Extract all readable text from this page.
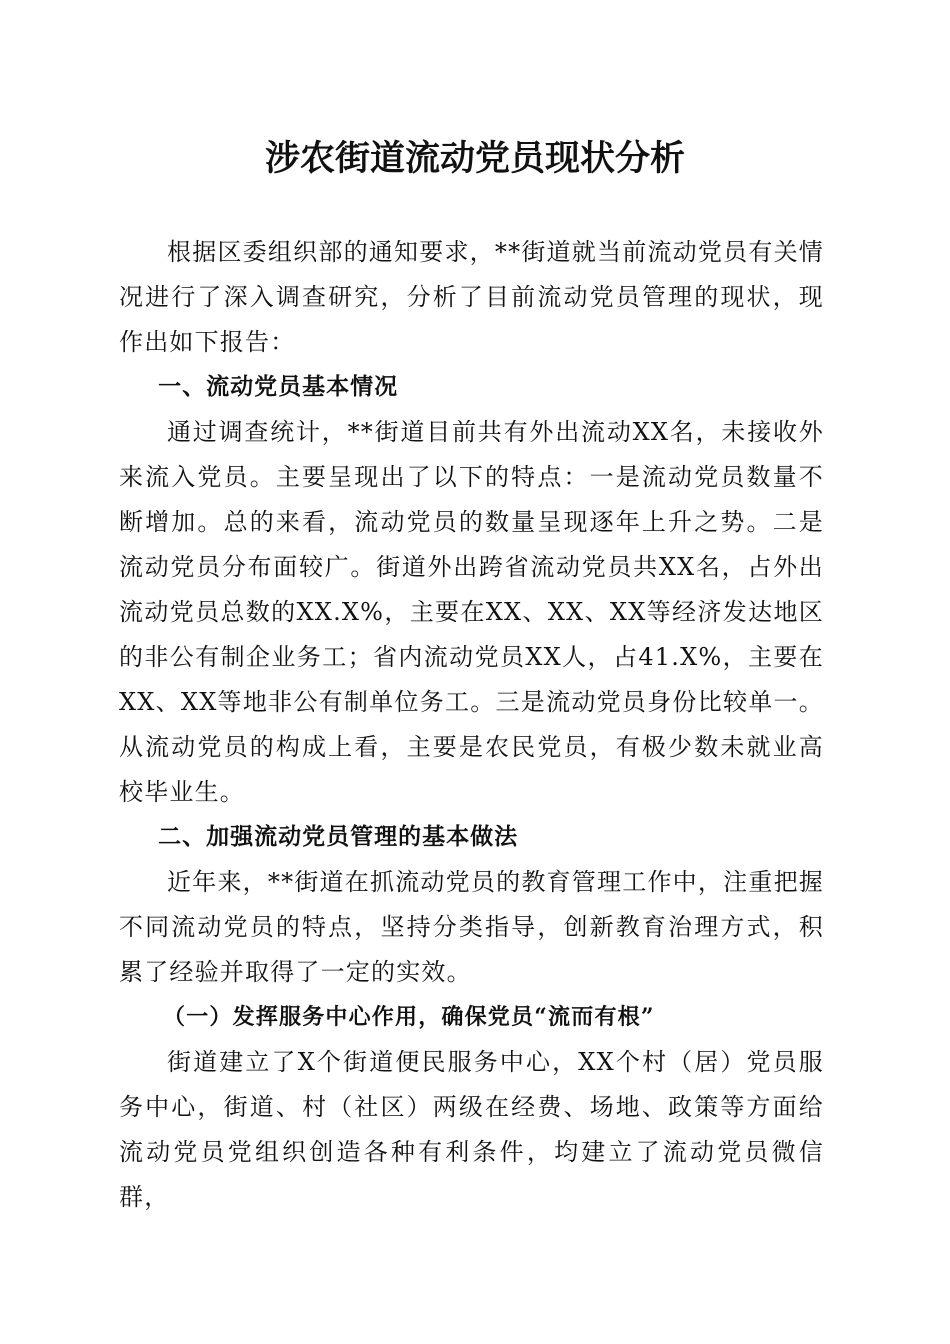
涉农街道流动党员现状分析

根据区委组织部的通知要求，**街道就当前流动党员有关情况进行了深入调查研究，分析了目前流动党员管理的现状，现作出如下报告：

一、流动党员基本情况

通过调查统计，**街道目前共有外出流动XX名，未接收外来流入党员。主要呈现出了以下的特点：一是流动党员数量不断增加。总的来看，流动党员的数量呈现逐年上升之势。二是流动党员分布面较广。街道外出跨省流动党员共XX名，占外出流动党员总数的XX.X%，主要在XX、XX、XX等经济发达地区的非公有制企业务工；省内流动党员XX人，占41.X%，主要在XX、XX等地非公有制单位务工。三是流动党员身份比较单一。从流动党员的构成上看，主要是农民党员，有极少数未就业高校毕业生。

二、加强流动党员管理的基本做法

近年来，**街道在抓流动党员的教育管理工作中，注重把握不同流动党员的特点，坚持分类指导，创新教育治理方式，积累了经验并取得了一定的实效。

（一）发挥服务中心作用，确保党员“流而有根”

街道建立了X个街道便民服务中心，XX个村（居）党员服务中心，街道、村（社区）两级在经费、场地、政策等方面给流动党员党组织创造各种有利条件，均建立了流动党员微信群，
